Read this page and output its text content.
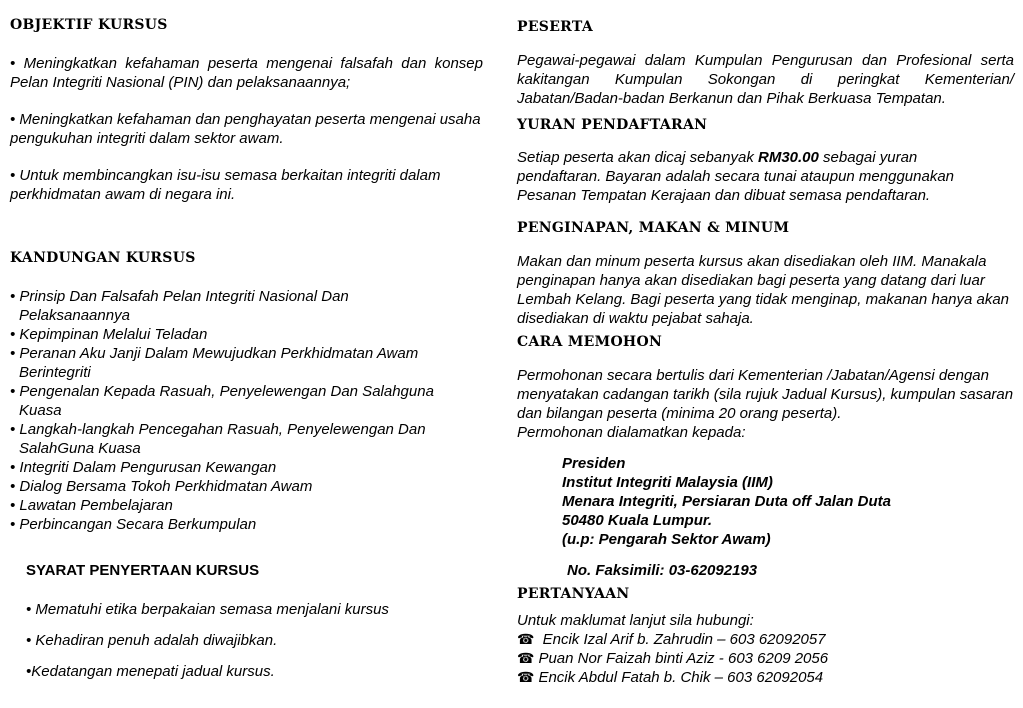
OBJEKTIF KURSUS
• Meningkatkan kefahaman peserta mengenai falsafah dan konsep Pelan Integriti Nasional (PIN) dan pelaksanaannya;
• Meningkatkan kefahaman dan penghayatan peserta mengenai usaha pengukuhan integriti dalam sektor awam.
• Untuk membincangkan isu-isu semasa berkaitan integriti dalam perkhidmatan awam di negara ini.
KANDUNGAN KURSUS
• Prinsip Dan Falsafah Pelan Integriti Nasional Dan Pelaksanaannya
• Kepimpinan Melalui Teladan
• Peranan Aku Janji Dalam Mewujudkan Perkhidmatan Awam Berintegriti
• Pengenalan Kepada Rasuah, Penyelewengan Dan Salahguna Kuasa
• Langkah-langkah Pencegahan Rasuah, Penyelewengan Dan SalahGuna Kuasa
• Integriti Dalam Pengurusan Kewangan
• Dialog Bersama Tokoh Perkhidmatan Awam
• Lawatan Pembelajaran
• Perbincangan Secara Berkumpulan
SYARAT PENYERTAAN KURSUS
• Mematuhi etika berpakaian semasa menjalani kursus
• Kehadiran penuh adalah diwajibkan.
•Kedatangan menepati jadual kursus.
PESERTA
Pegawai-pegawai dalam Kumpulan Pengurusan dan Profesional serta kakitangan Kumpulan Sokongan di peringkat Kementerian/ Jabatan/Badan-badan Berkanun dan Pihak Berkuasa Tempatan.
YURAN PENDAFTARAN
Setiap peserta akan dicaj sebanyak RM30.00 sebagai yuran pendaftaran. Bayaran adalah secara tunai ataupun menggunakan Pesanan Tempatan Kerajaan dan dibuat semasa pendaftaran.
PENGINAPAN, MAKAN & MINUM
Makan dan minum peserta kursus akan disediakan oleh IIM. Manakala penginapan hanya akan disediakan bagi peserta yang datang dari luar Lembah Kelang. Bagi peserta yang tidak menginap, makanan hanya akan disediakan di waktu pejabat sahaja.
CARA MEMOHON
Permohonan secara bertulis dari Kementerian /Jabatan/Agensi dengan menyatakan cadangan tarikh (sila rujuk Jadual Kursus), kumpulan sasaran dan bilangan peserta (minima 20 orang peserta).
Permohonan dialamatkan kepada:
Presiden
Institut Integriti Malaysia (IIM)
Menara Integriti, Persiaran Duta off Jalan Duta
50480 Kuala Lumpur.
(u.p: Pengarah Sektor Awam)
No. Faksimili: 03-62092193
PERTANYAAN
Untuk maklumat lanjut sila hubungi:
☎ Encik Izal Arif b. Zahrudin – 603 62092057
☎ Puan Nor Faizah binti Aziz - 603 6209 2056
☎ Encik Abdul Fatah b. Chik – 603 62092054
